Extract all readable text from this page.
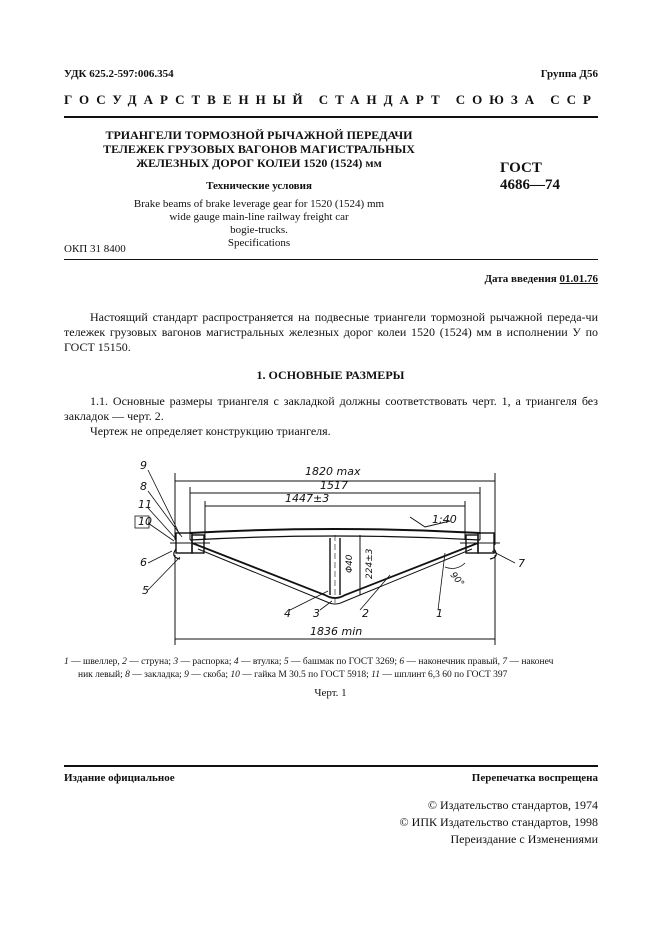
УДК 625.2-597:006.354	Группа Д56
ГОСУДАРСТВЕННЫЙ СТАНДАРТ СОЮЗА ССР
ТРИАНГЕЛИ ТОРМОЗНОЙ РЫЧАЖНОЙ ПЕРЕДАЧИ
ТЕЛЕЖЕК ГРУЗОВЫХ ВАГОНОВ МАГИСТРАЛЬНЫХ
ЖЕЛЕЗНЫХ ДОРОГ КОЛЕИ 1520 (1524) мм
Технические условия
Brake beams of brake leverage gear for 1520 (1524) mm
wide gauge main-line railway freight car
bogie-trucks.
Specifications
ГОСТ
4686—74
ОКП 31 8400
Дата введения 01.01.76
Настоящий стандарт распространяется на подвесные триангели тормозной рычажной переда-чи тележек грузовых вагонов магистральных железных дорог колеи 1520 (1524) мм в исполнении У по ГОСТ 15150.
1. ОСНОВНЫЕ РАЗМЕРЫ
1.1. Основные размеры триангеля с закладкой должны соответствовать черт. 1, а триангеля без закладок — черт. 2.
Чертеж не определяет конструкцию триангеля.
1820 max
1517
1447±3
1836 min
1:40
Φ40 224±3
90°
9
8
11
10
6
5
7
4 3	2	1
1 — швеллер, 2 — струна; 3 — распорка; 4 — втулка; 5 — башмак по ГОСТ 3269; 6 — наконечник правый, 7 — наконеч
ник левый; 8 — закладка; 9 — скоба; 10 — гайка М 30.5 по ГОСТ 5918; 11 — шплинт 6,3 60 по ГОСТ 397
Черт. 1
Издание официальное	Перепечатка воспрещена
© Издательство стандартов, 1974
© ИПК Издательство стандартов, 1998
Переиздание с Изменениями
